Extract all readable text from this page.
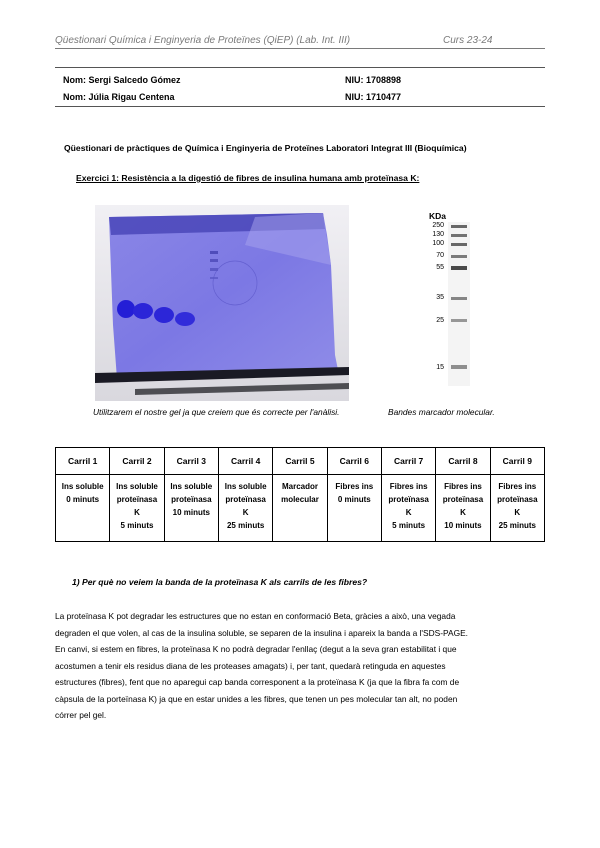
Qüestionari Química i Enginyeria de Proteïnes (QiEP) (Lab. Int. III)	Curs 23-24
Nom: Sergi Salcedo Gómez	NIU: 1708898
Nom: Júlia Rigau Centena	NIU: 1710477
Qüestionari de pràctiques de Química i Enginyeria de Proteïnes Laboratori Integrat III (Bioquímica)
Exercici 1: Resistència a la digestió de fibres de insulina humana amb proteïnasa K:
KDa
250
130
100
70
55
35
25
15
Utilitzarem el nostre gel ja que creiem que és correcte per l'anàlisi.	Bandes marcador molecular.
Carril 1	Carril 2	Carril 3	Carril 4	Carril 5	Carril 6	Carril 7	Carril 8	Carril 9

Ins soluble
0 minuts	Ins soluble
proteïnasa
K
5 minuts	Ins soluble
proteïnasa
10 minuts	Ins soluble
proteïnasa
K
25 minuts	Marcador
molecular	Fibres ins
0 minuts	Fibres ins
proteïnasa
K
5 minuts	Fibres ins
proteïnasa
K
10 minuts	Fibres ins
proteïnasa
K
25 minuts
1) Per què no veiem la banda de la proteïnasa K als carrils de les fibres?
La proteïnasa K pot degradar les estructures que no estan en conformació Beta, gràcies a això, una vegada
degraden el que volen, al cas de la insulina soluble, se separen de la insulina i apareix la banda a l'SDS-PAGE.
En canvi, si estem en fibres, la proteïnasa K no podrà degradar l'enllaç (degut a la seva gran estabilitat i que
acostumen a tenir els residus diana de les proteases amagats) i, per tant, quedarà retinguda en aquestes
estructures (fibres), fent que no aparegui cap banda corresponent a la proteïnasa K (ja que la fibra fa com de
càpsula de la porteïnasa K) ja que en estar unides a les fibres, que tenen un pes molecular tan alt, no poden
córrer pel gel.
